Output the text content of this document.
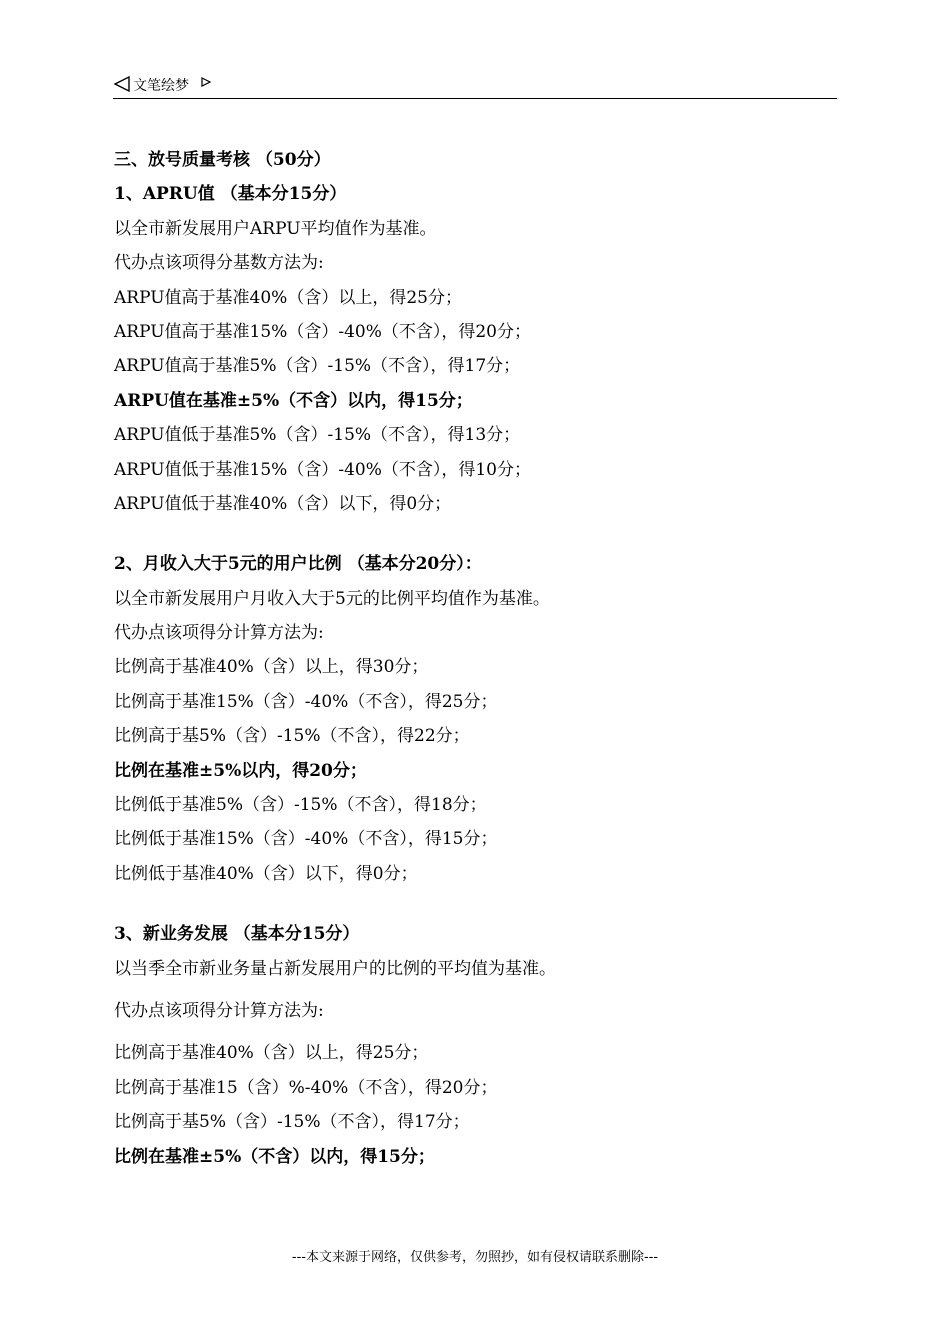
文笔绘梦
三、放号质量考核 （50分）
1、APRU值 （基本分15分）
以全市新发展用户ARPU平均值作为基准。
代办点该项得分基数方法为:
ARPU值高于基准40%（含）以上，得25分；
ARPU值高于基准15%（含）-40%（不含），得20分；
ARPU值高于基准5%（含）-15%（不含），得17分；
ARPU值在基准±5%（不含）以内，得15分；
ARPU值低于基准5%（含）-15%（不含），得13分；
ARPU值低于基准15%（含）-40%（不含），得10分；
ARPU值低于基准40%（含）以下，得0分；
2、月收入大于5元的用户比例 （基本分20分）：
以全市新发展用户月收入大于5元的比例平均值作为基准。
代办点该项得分计算方法为:
比例高于基准40%（含）以上，得30分；
比例高于基准15%（含）-40%（不含），得25分；
比例高于基5%（含）-15%（不含），得22分；
比例在基准±5%以内，得20分；
比例低于基准5%（含）-15%（不含），得18分；
比例低于基准15%（含）-40%（不含），得15分；
比例低于基准40%（含）以下，得0分；
3、新业务发展 （基本分15分）
以当季全市新业务量占新发展用户的比例的平均值为基准。
代办点该项得分计算方法为:
比例高于基准40%（含）以上，得25分；
比例高于基准15（含）%-40%（不含），得20分；
比例高于基5%（含）-15%（不含），得17分；
比例在基准±5%（不含）以内，得15分；
---本文来源于网络，仅供参考，勿照抄，如有侵权请联系删除---
